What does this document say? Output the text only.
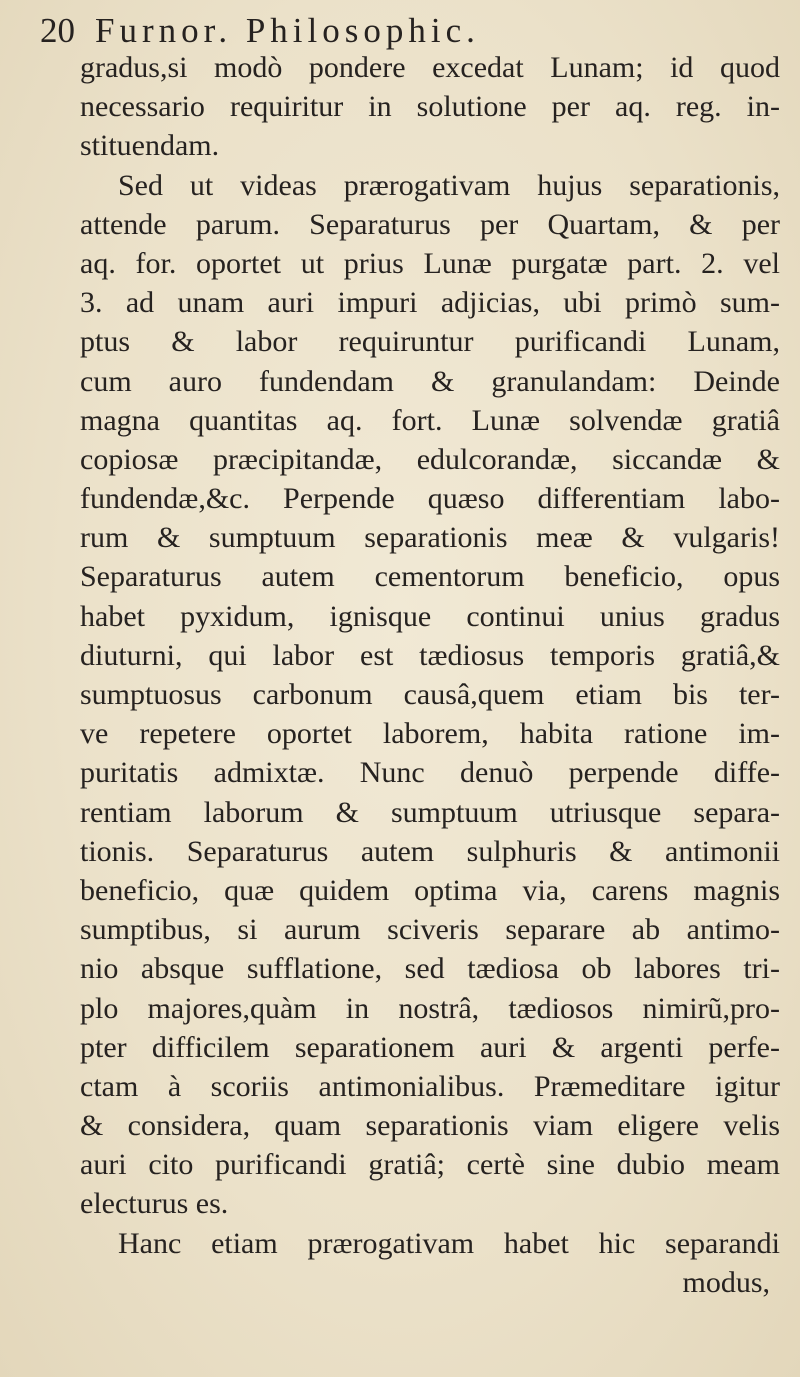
20 Furnor. Philosophic.
gradus,si modò pondere excedat Lunam; id quod
necessario requiritur in solutione per aq. reg. in-
stituendam.
Sed ut videas prærogativam hujus separationis,
attende parum. Separaturus per Quartam, & per
aq. for. oportet ut prius Lunæ purgatæ part. 2. vel
3. ad unam auri impuri adjicias, ubi primò sum-
ptus & labor requiruntur purificandi Lunam,
cum auro fundendam & granulandam: Deinde
magna quantitas aq. fort. Lunæ solvendæ gratiâ
copiosæ præcipitandæ, edulcorandæ, siccandæ &
fundendæ,&c. Perpende quæso differentiam labo-
rum & sumptuum separationis meæ & vulgaris!
Separaturus autem cementorum beneficio, opus
habet pyxidum, ignisque continui unius gradus
diuturni, qui labor est tædiosus temporis gratiâ,&
sumptuosus carbonum causâ,quem etiam bis ter-
ve repetere oportet laborem, habita ratione im-
puritatis admixtæ. Nunc denuò perpende diffe-
rentiam laborum & sumptuum utriusque separa-
tionis. Separaturus autem sulphuris & antimonii
beneficio, quæ quidem optima via, carens magnis
sumptibus, si aurum sciveris separare ab antimo-
nio absque sufflatione, sed tædiosa ob labores tri-
plo majores,quàm in nostrâ, tædiosos nimirũ,pro-
pter difficilem separationem auri & argenti perfe-
ctam à scoriis antimonialibus. Præmeditare igitur
& considera, quam separationis viam eligere velis
auri cito purificandi gratiâ; certè sine dubio meam
electurus es.
Hanc etiam prærogativam habet hic separandi
modus,
